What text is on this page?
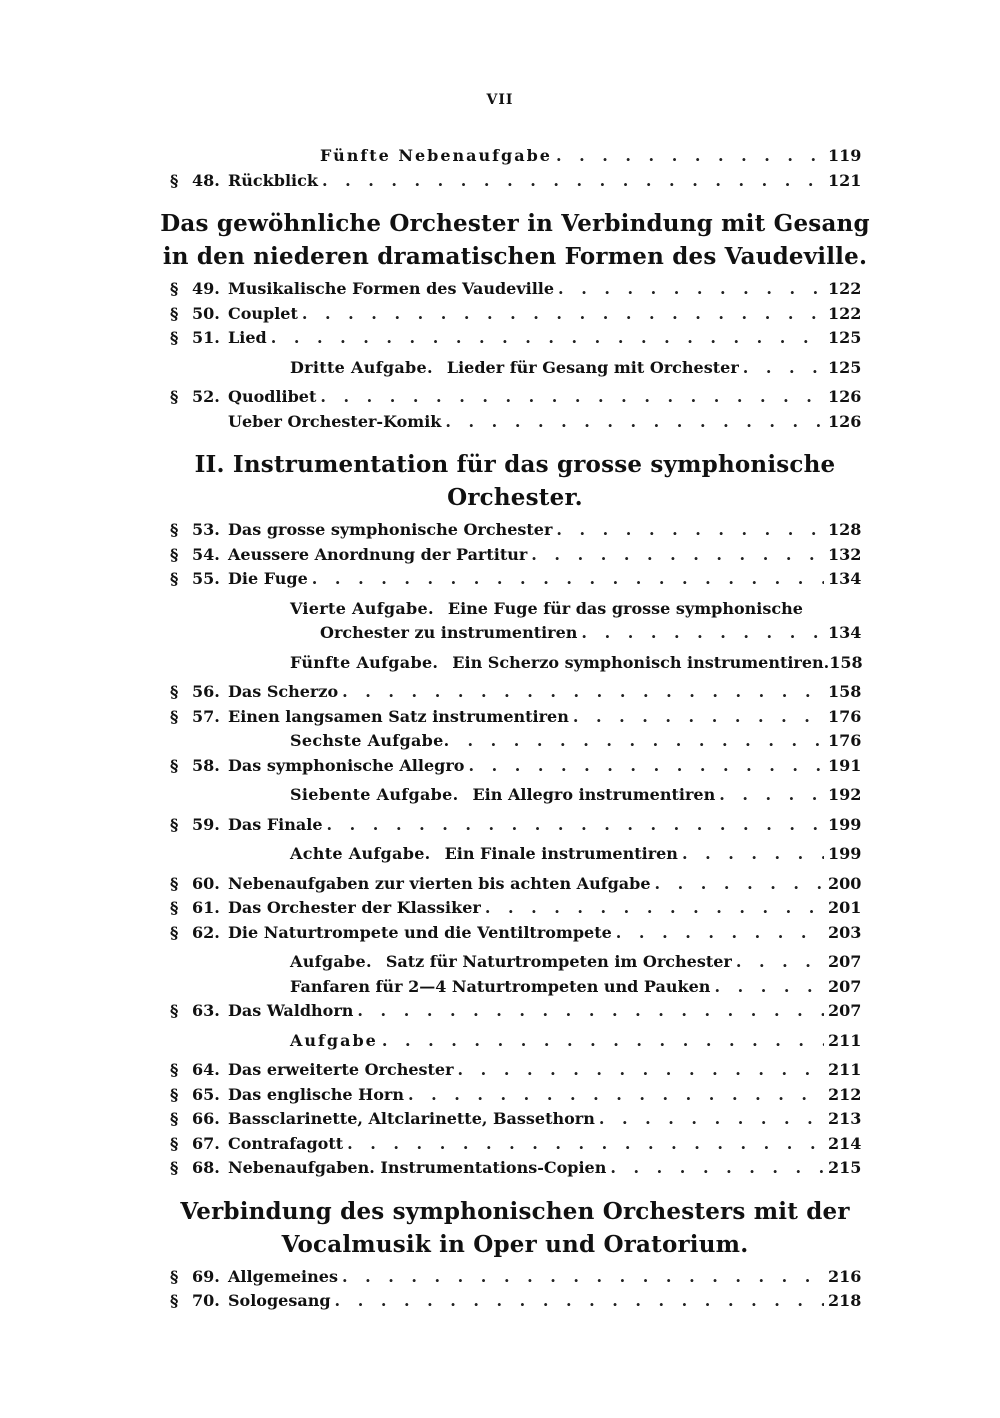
VII
Fünfte Nebenaufgabe . . .	119
§ 48. Rückblick . . .	121
Das gewöhnliche Orchester in Verbindung mit Gesang in den niederen dramatischen Formen des Vaudeville.
§ 49. Musikalische Formen des Vaudeville . . .	122
§ 50. Couplet . . .	122
§ 51. Lied . . .	125
Dritte Aufgabe. Lieder für Gesang mit Orchester . . .	125
§ 52. Quodlibet . . .	126
Ueber Orchester-Komik . . .	126
II. Instrumentation für das grosse symphonische Orchester.
§ 53. Das grosse symphonische Orchester . . .	128
§ 54. Aeussere Anordnung der Partitur . . .	132
§ 55. Die Fuge . . .	134
Vierte Aufgabe. Eine Fuge für das grosse symphonische
Orchester zu instrumentiren . . .	134
Fünfte Aufgabe. Ein Scherzo symphonisch instrumentiren. 158
§ 56. Das Scherzo . . .	158
§ 57. Einen langsamen Satz instrumentiren . . .	176
Sechste Aufgabe. . . .	176
§ 58. Das symphonische Allegro . . .	191
Siebente Aufgabe. Ein Allegro instrumentiren . . .	192
§ 59. Das Finale . . .	199
Achte Aufgabe. Ein Finale instrumentiren . . .	199
§ 60. Nebenaufgaben zur vierten bis achten Aufgabe . . .	200
§ 61. Das Orchester der Klassiker . . .	201
§ 62. Die Naturtrompete und die Ventiltrompete . . .	203
Aufgabe. Satz für Naturtrompeten im Orchester . . .	207
Fanfaren für 2—4 Naturtrompeten und Pauken . . .	207
§ 63. Das Waldhorn . . .	207
Aufgabe . . .	211
§ 64. Das erweiterte Orchester . . .	211
§ 65. Das englische Horn . . .	212
§ 66. Bassclarinette, Altclarinette, Bassethorn . . .	213
§ 67. Contrafagott . . .	214
§ 68. Nebenaufgaben. Instrumentations-Copien . . .	215
Verbindung des symphonischen Orchesters mit der Vocalmusik in Oper und Oratorium.
§ 69. Allgemeines . . .	216
§ 70. Sologesang . . .	218
